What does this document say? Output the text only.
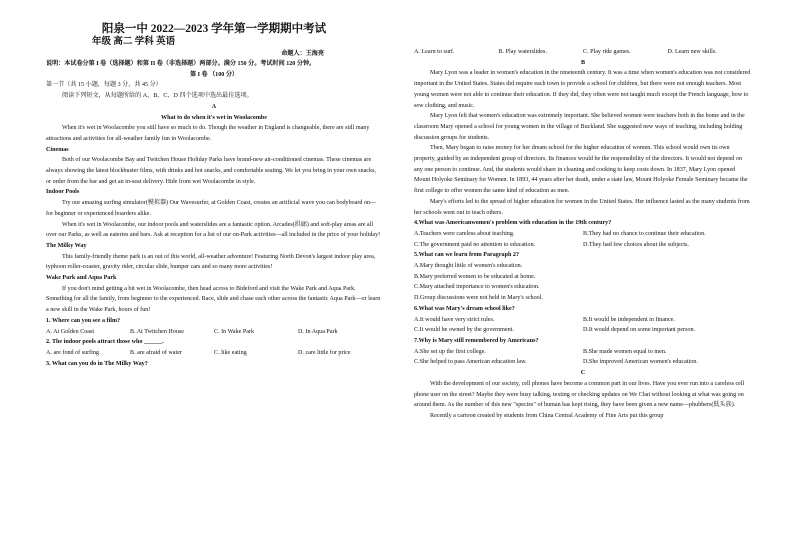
阳泉一中 2022—2023 学年第一学期期中考试
年级 高二 学科 英语
命题人：王海亮

说明：本试卷分第 I 卷（选择题）和第 II 卷（非选择题）两部分。满分 150 分。考试时间 120 分钟。

第 I 卷 （100 分）

第一节（共 15 小题，每题 3 分，共 45 分）

阅读下列短文，从每题所给的 A、B、C、D 四个选项中选出最佳选项。

A

What to do when it's wet in Woolacombe

When it's wet in Woolacombe you still have so much to do. Though the weather in England is changeable, there are still many attractions and activities for all-weather family fun in Woolacombe.

Cinemas

Both of our Woolacombe Bay and Twitchen House Holiday Parks have brand-new air-conditioned cinemas. These cinemas are always showing the latest blockbuster films, with drinks and hot snacks, and comfortable seating. We let you bring in your own snacks, or order from the bar and get an in-seat delivery. Hide from wet Woolacombe in style.

Indoor Pools

Try our amazing surfing simulator(模拟器) Our Wavesurfer, at Golden Coast, creates an artificial wave you can bodyboard on—for beginner or experienced boarders alike.

When it's wet in Woolacombe, our indoor pools and waterslides are a fantastic option. Arcades(拱廊) and soft-play areas are all over our Parks, as well as eateries and bars. Ask at reception for a list of our on-Park activities—all included in the price of your holiday!

The Milky Way

This family-friendly theme park is an out of this world, all-weather adventure! Featuring North Devon's largest indoor play area, typhoon roller-coaster, gravity rider, circular slide, bumper cars and so many more activities!

Wake Park and Aqua Park

If you don't mind getting a bit wet in Woolacombe, then head across to Bideford and visit the Wake Park and Aqua Park. Something for all the family, from beginner to the experienced. Race, slide and chase each other across the fantastic Aqua Park—or learn a new skill in the Wake Park, hours of fun!

1. Where can you see a film?

A. At Golden Coast	B. At Twitchen House	C. In Wake Park	D. In Aqua Park

2. The indoor pools attract those who ______.

A. are fond of surfing	B. are afraid of water	C. like eating	D. care little for price

3. What can you do in The Milky Way?

A. Learn to surf.	B. Play waterslides.	C. Play ride games.	D. Learn new skills.

B

Mary Lyon was a leader in women's education in the nineteenth century. It was a time when women's education was not considered important in the United States. States did require each town to provide a school for children, but there were not enough teachers. Most young women were not able to continue their education. If they did, they often were not taught much except the French language, how to sew clothing, and music.

Mary Lyon felt that women's education was extremely important. She believed women were teachers both in the home and in the classroom Mary opened a school for young women in the village of Buckland. She suggested new ways of teaching, including holding discussion groups for students.

Then, Mary began to raise money for her dream school for the higher education of women. This school would own its own property, guided by an independent group of directors. Its finances would be the responsibility of the directors. It would not depend on any one person to continue. And, the students would share in cleaning and cooking to keep costs down. In 1837, Mary Lyon opened Mount Holyoke Seminary for Women. In 1893, 44 years after her death, under a state law, Mount Holyoke Female Seminary became the first college to offer women the same kind of education as men.

Mary's efforts led to the spread of higher education for women in the United States. Her influence lasted as the many students from her schools went out to teach others.

4.What was Americanwomen's problem with education in the 19th century?

A.Teachers were careless about teaching.	B.They had no chance to continue their education.
C.The government paid no attention to education.	D.They had few choices about the subjects.

5.What can we learn from Paragraph 2?

A.Mary thought little of women's education.

B.Mary preferred women to be educated at home.

C.Mary attached importance to women's education.

D.Group discussions were not held in Mary's school.

6.What was Mary's dream school like?

A.It would have very strict rules.	B.It would be independent in finance.
C.It would be owned by the government.	D.It would depend on some important person.

7.Why is Mary still remembered by Americans?

A.She set up the first college.	B.She made women equal to men.
C.She helped to pass American education law.	D.She improved American women's education.

C

With the development of our society, cell phones have become a common part in our lives. Have you ever run into a careless cell phone user on the street? Maybe they were busy talking, texting or checking updates on We Chat without looking at what was going on around them. As the number of this new "species" of human has kept rising, they have been given a new name—phubbers(低头族).

Recently a cartoon created by students from China Central Academy of Fine Arts put this group
